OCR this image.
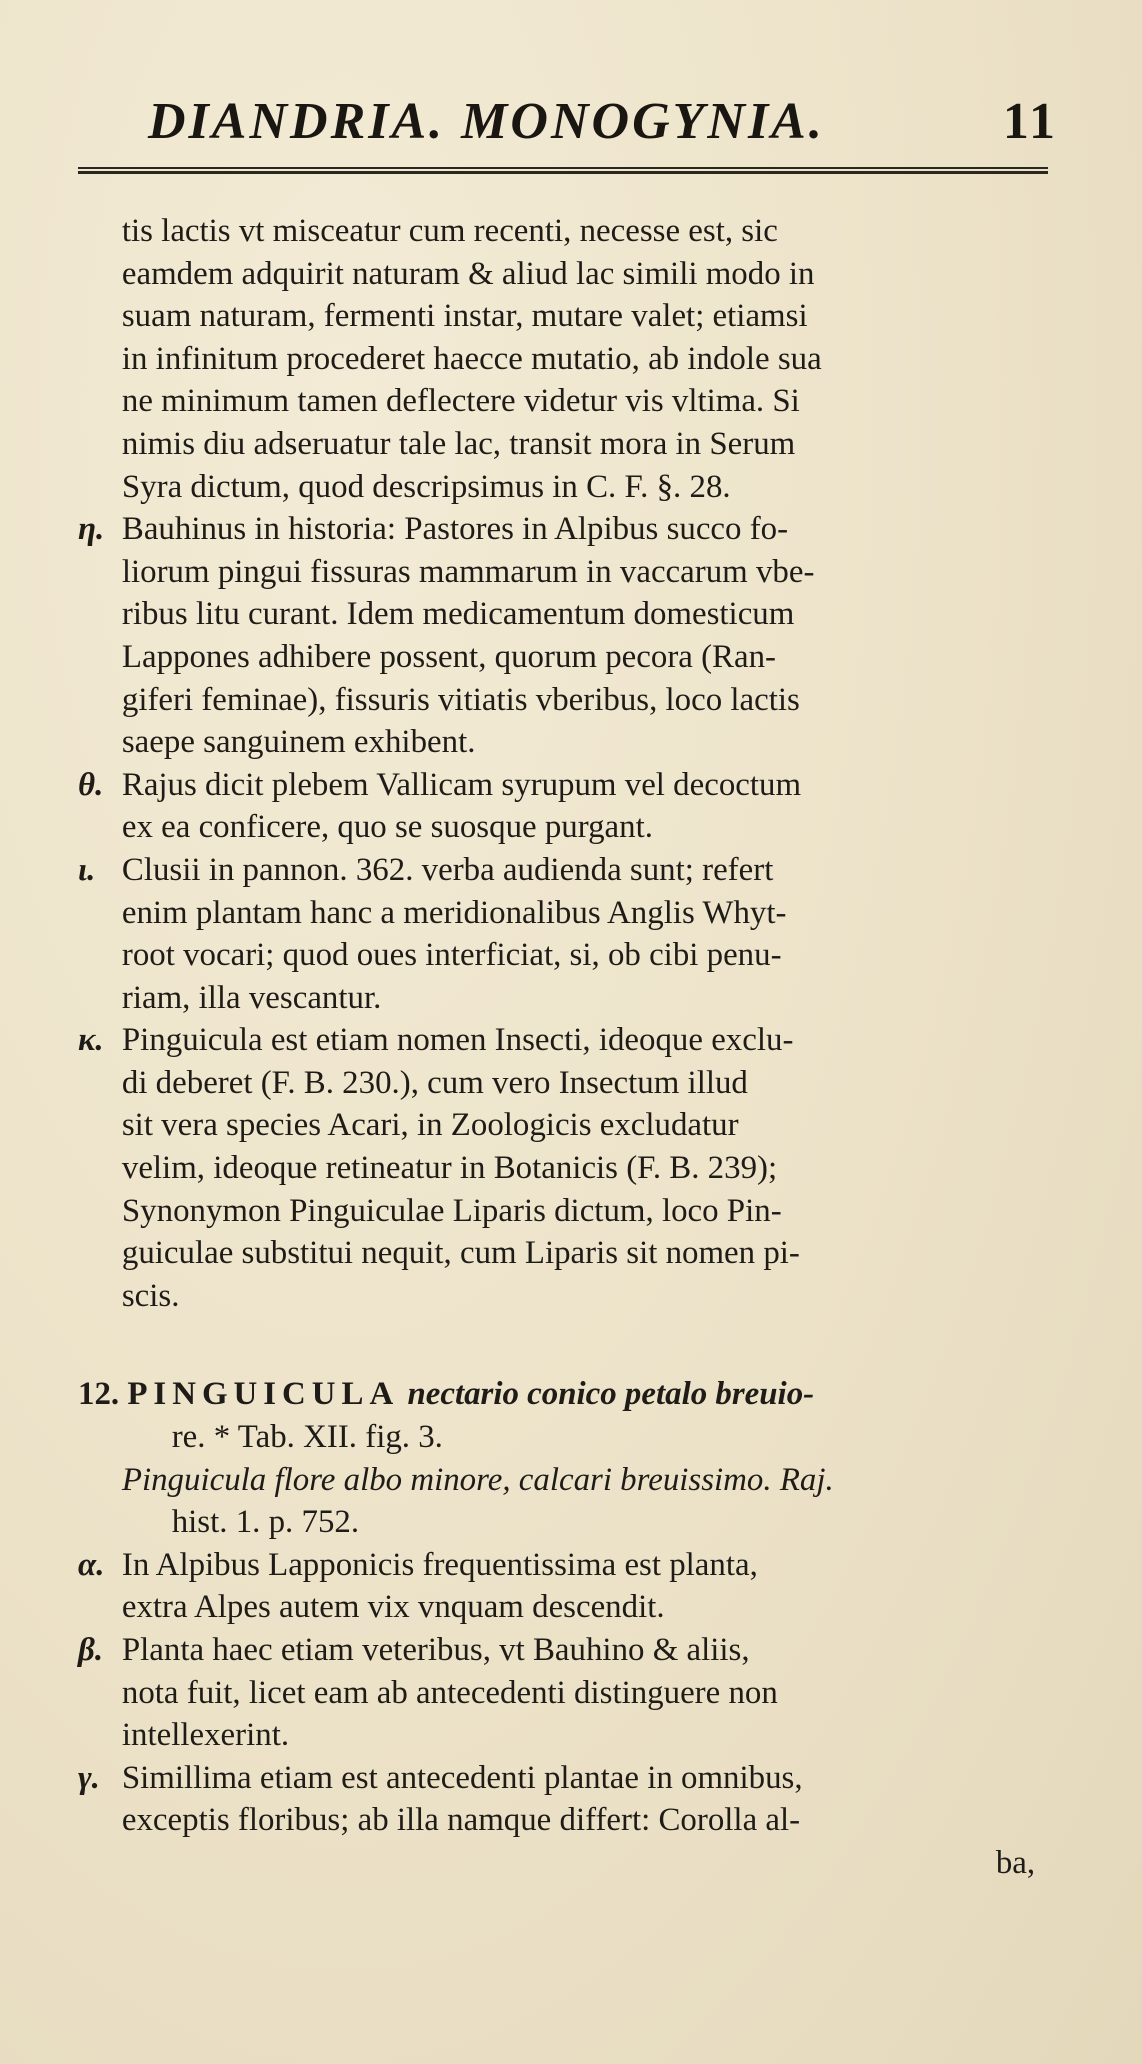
DIANDRIA. MONOGYNIA.	11
tis lactis vt misceatur cum recenti, necesse est, sic
eamdem adquirit naturam & aliud lac simili modo in
suam naturam, fermenti instar, mutare valet; etiamsi
in infinitum procederet haecce mutatio, ab indole sua
ne minimum tamen deflectere videtur vis vltima. Si
nimis diu adseruatur tale lac, transit mora in Serum
Syra dictum, quod descripsimus in C. F. §. 28.
η. Bauhinus in historia: Pastores in Alpibus succo fo-
liorum pingui fissuras mammarum in vaccarum vbe-
ribus litu curant. Idem medicamentum domesticum
Lappones adhibere possent, quorum pecora (Ran-
giferi feminae), fissuris vitiatis vberibus, loco lactis
saepe sanguinem exhibent.
θ. Rajus dicit plebem Vallicam syrupum vel decoctum
ex ea conficere, quo se suosque purgant.
ι. Clusii in pannon. 362. verba audienda sunt; refert
enim plantam hanc a meridionalibus Anglis Whyt-
root vocari; quod oues interficiat, si, ob cibi penu-
riam, illa vescantur.
κ. Pinguicula est etiam nomen Insecti, ideoque exclu-
di deberet (F. B. 230.), cum vero Insectum illud
sit vera species Acari, in Zoologicis excludatur
velim, ideoque retineatur in Botanicis (F. B. 239);
Synonymon Pinguiculae Liparis dictum, loco Pin-
guiculae substitui nequit, cum Liparis sit nomen pi-
scis.
12. PINGUICULA nectario conico petalo breuio-
re. * Tab. XII. fig. 3.
Pinguicula flore albo minore, calcari breuissimo. Raj.
hist. 1. p. 752.
α. In Alpibus Lapponicis frequentissima est planta,
extra Alpes autem vix vnquam descendit.
β. Planta haec etiam veteribus, vt Bauhino & aliis,
nota fuit, licet eam ab antecedenti distinguere non
intellexerint.
γ. Simillima etiam est antecedenti plantae in omnibus,
exceptis floribus; ab illa namque differt: Corolla al-
ba,
